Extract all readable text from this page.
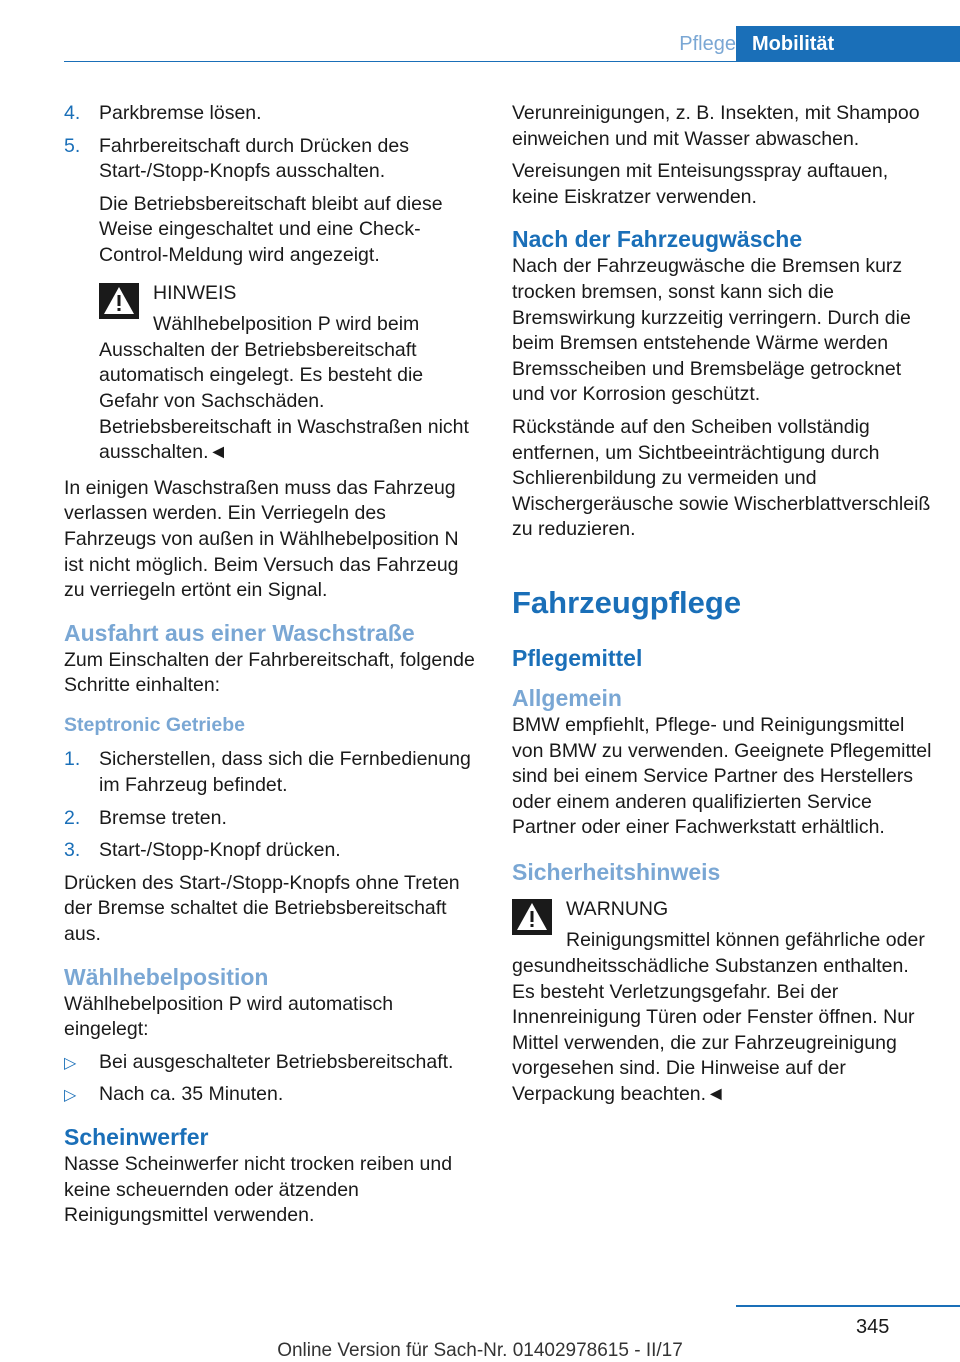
Pflege Mobilität
4. Parkbremse lösen.
5. Fahrbereitschaft durch Drücken des Start-/Stopp-Knopfs ausschalten.

Die Betriebsbereitschaft bleibt auf diese Weise eingeschaltet und eine Check-Control-Meldung wird angezeigt.

HINWEIS
Wählhebelposition P wird beim Ausschalten der Betriebsbereitschaft automatisch eingelegt. Es besteht die Gefahr von Sachschäden. Betriebsbereitschaft in Waschstraßen nicht ausschalten.◄

In einigen Waschstraßen muss das Fahrzeug verlassen werden. Ein Verriegeln des Fahrzeugs von außen in Wählhebelposition N ist nicht möglich. Beim Versuch das Fahrzeug zu verriegeln ertönt ein Signal.

Ausfahrt aus einer Waschstraße

Zum Einschalten der Fahrbereitschaft, folgende Schritte einhalten:

Steptronic Getriebe
1. Sicherstellen, dass sich die Fernbedienung im Fahrzeug befindet.
2. Bremse treten.
3. Start-/Stopp-Knopf drücken.

Drücken des Start-/Stopp-Knopfs ohne Treten der Bremse schaltet die Betriebsbereitschaft aus.

Wählhebelposition

Wählhebelposition P wird automatisch eingelegt:

▷ Bei ausgeschalteter Betriebsbereitschaft.
▷ Nach ca. 35 Minuten.
Scheinwerfer

Nasse Scheinwerfer nicht trocken reiben und keine scheuernden oder ätzenden Reinigungsmittel verwenden.

Verunreinigungen, z. B. Insekten, mit Shampoo einweichen und mit Wasser abwaschen.

Vereisungen mit Enteisungsspray auftauen, keine Eiskratzer verwenden.

Nach der Fahrzeugwäsche

Nach der Fahrzeugwäsche die Bremsen kurz trocken bremsen, sonst kann sich die Bremswirkung kurzzeitig verringern. Durch die beim Bremsen entstehende Wärme werden Bremsscheiben und Bremsbeläge getrocknet und vor Korrosion geschützt.

Rückstände auf den Scheiben vollständig entfernen, um Sichtbeeinträchtigung durch Schlierenbildung zu vermeiden und Wischergeräusche sowie Wischerblattverschleiß zu reduzieren.

Fahrzeugpflege
Pflegemittel
Allgemein

BMW empfiehlt, Pflege- und Reinigungsmittel von BMW zu verwenden. Geeignete Pflegemittel sind bei einem Service Partner des Herstellers oder einem anderen qualifizierten Service Partner oder einer Fachwerkstatt erhältlich.

Sicherheitshinweis
WARNUNG
Reinigungsmittel können gefährliche oder gesundheitsschädliche Substanzen enthalten. Es besteht Verletzungsgefahr. Bei der Innenreinigung Türen oder Fenster öffnen. Nur Mittel verwenden, die zur Fahrzeugreinigung vorgesehen sind. Die Hinweise auf der Verpackung beachten.◄
345
Online Version für Sach-Nr. 01402978615 - II/17
